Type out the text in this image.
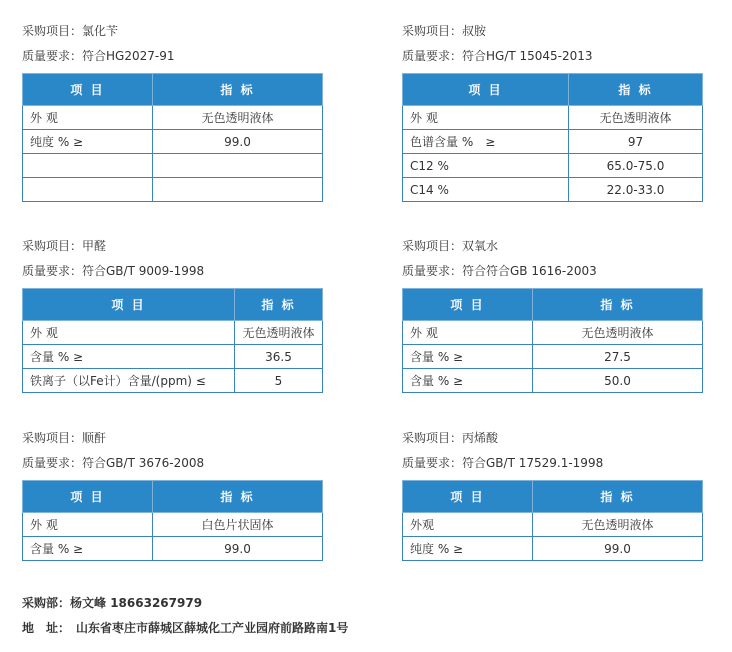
采购项目：氯化苄
质量要求：符合HG2027-91
项 目	指 标
外 观	无色透明液体
纯度 % ≥	99.0

采购项目：叔胺
质量要求：符合HG/T 15045-2013
项 目	指 标
外 观	无色透明液体
色谱含量 %　≥	97
C12 %	65.0-75.0
C14 %	22.0-33.0
采购项目：甲醛
质量要求：符合GB/T 9009-1998
项 目	指 标
外 观	无色透明液体
含量 % ≥	36.5
铁离子（以Fe计）含量/(ppm) ≤	5
采购项目：双氧水
质量要求：符合符合GB 1616-2003
项 目	指 标
外 观	无色透明液体
含量 % ≥	27.5
含量 % ≥	50.0
采购项目：顺酐
质量要求：符合GB/T 3676-2008
项 目	指 标
外 观	白色片状固体
含量 % ≥	99.0
采购项目：丙烯酸
质量要求：符合GB/T 17529.1-1998
项 目	指 标
外观	无色透明液体
纯度 % ≥	99.0
采购部：杨文峰 18663267979
地　址： 山东省枣庄市薛城区薛城化工产业园府前路路南1号
